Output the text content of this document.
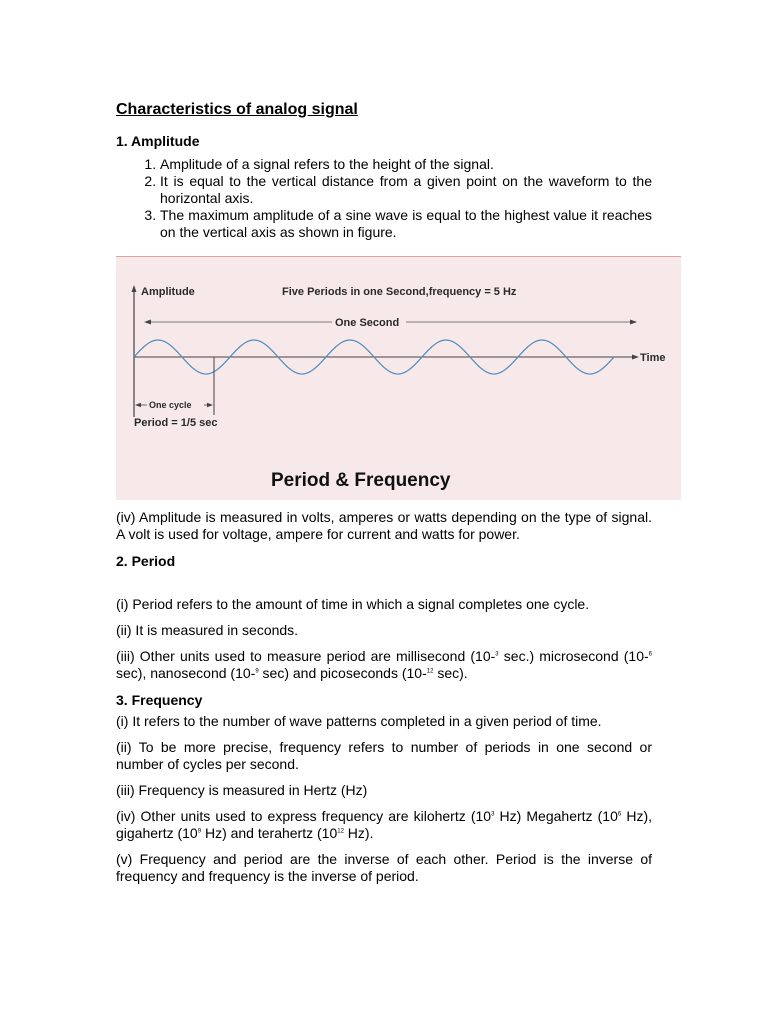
Characteristics of analog signal
1. Amplitude
1. Amplitude of a signal refers to the height of the signal.
2. It is equal to the vertical distance from a given point on the waveform to the horizontal axis.
3. The maximum amplitude of a sine wave is equal to the highest value it reaches on the vertical axis as shown in figure.
Amplitude	Five Periods in one Second,frequency = 5 Hz
One Second
Time
One cycle
Period = 1/5 sec
Period & Frequency

(iv) Amplitude is measured in volts, amperes or watts depending on the type of signal. A volt is used for voltage, ampere for current and watts for power.

2. Period

(i) Period refers to the amount of time in which a signal completes one cycle.

(ii) It is measured in seconds.

(iii) Other units used to measure period are millisecond (10-$^3$ sec.) microsecond (10-$^6$ sec), nanosecond (10-$^9$ sec) and picoseconds (10-$^{12}$ sec).

3. Frequency

(i) It refers to the number of wave patterns completed in a given period of time.

(ii) To be more precise, frequency refers to number of periods in one second or number of cycles per second.

(iii) Frequency is measured in Hertz (Hz)

(iv) Other units used to express frequency are kilohertz ($10^3$ Hz) Megahertz ($10^6$ Hz), gigahertz ($10^9$ Hz) and terahertz ($10^{12}$ Hz).

(v) Frequency and period are the inverse of each other. Period is the inverse of frequency and frequency is the inverse of period.
